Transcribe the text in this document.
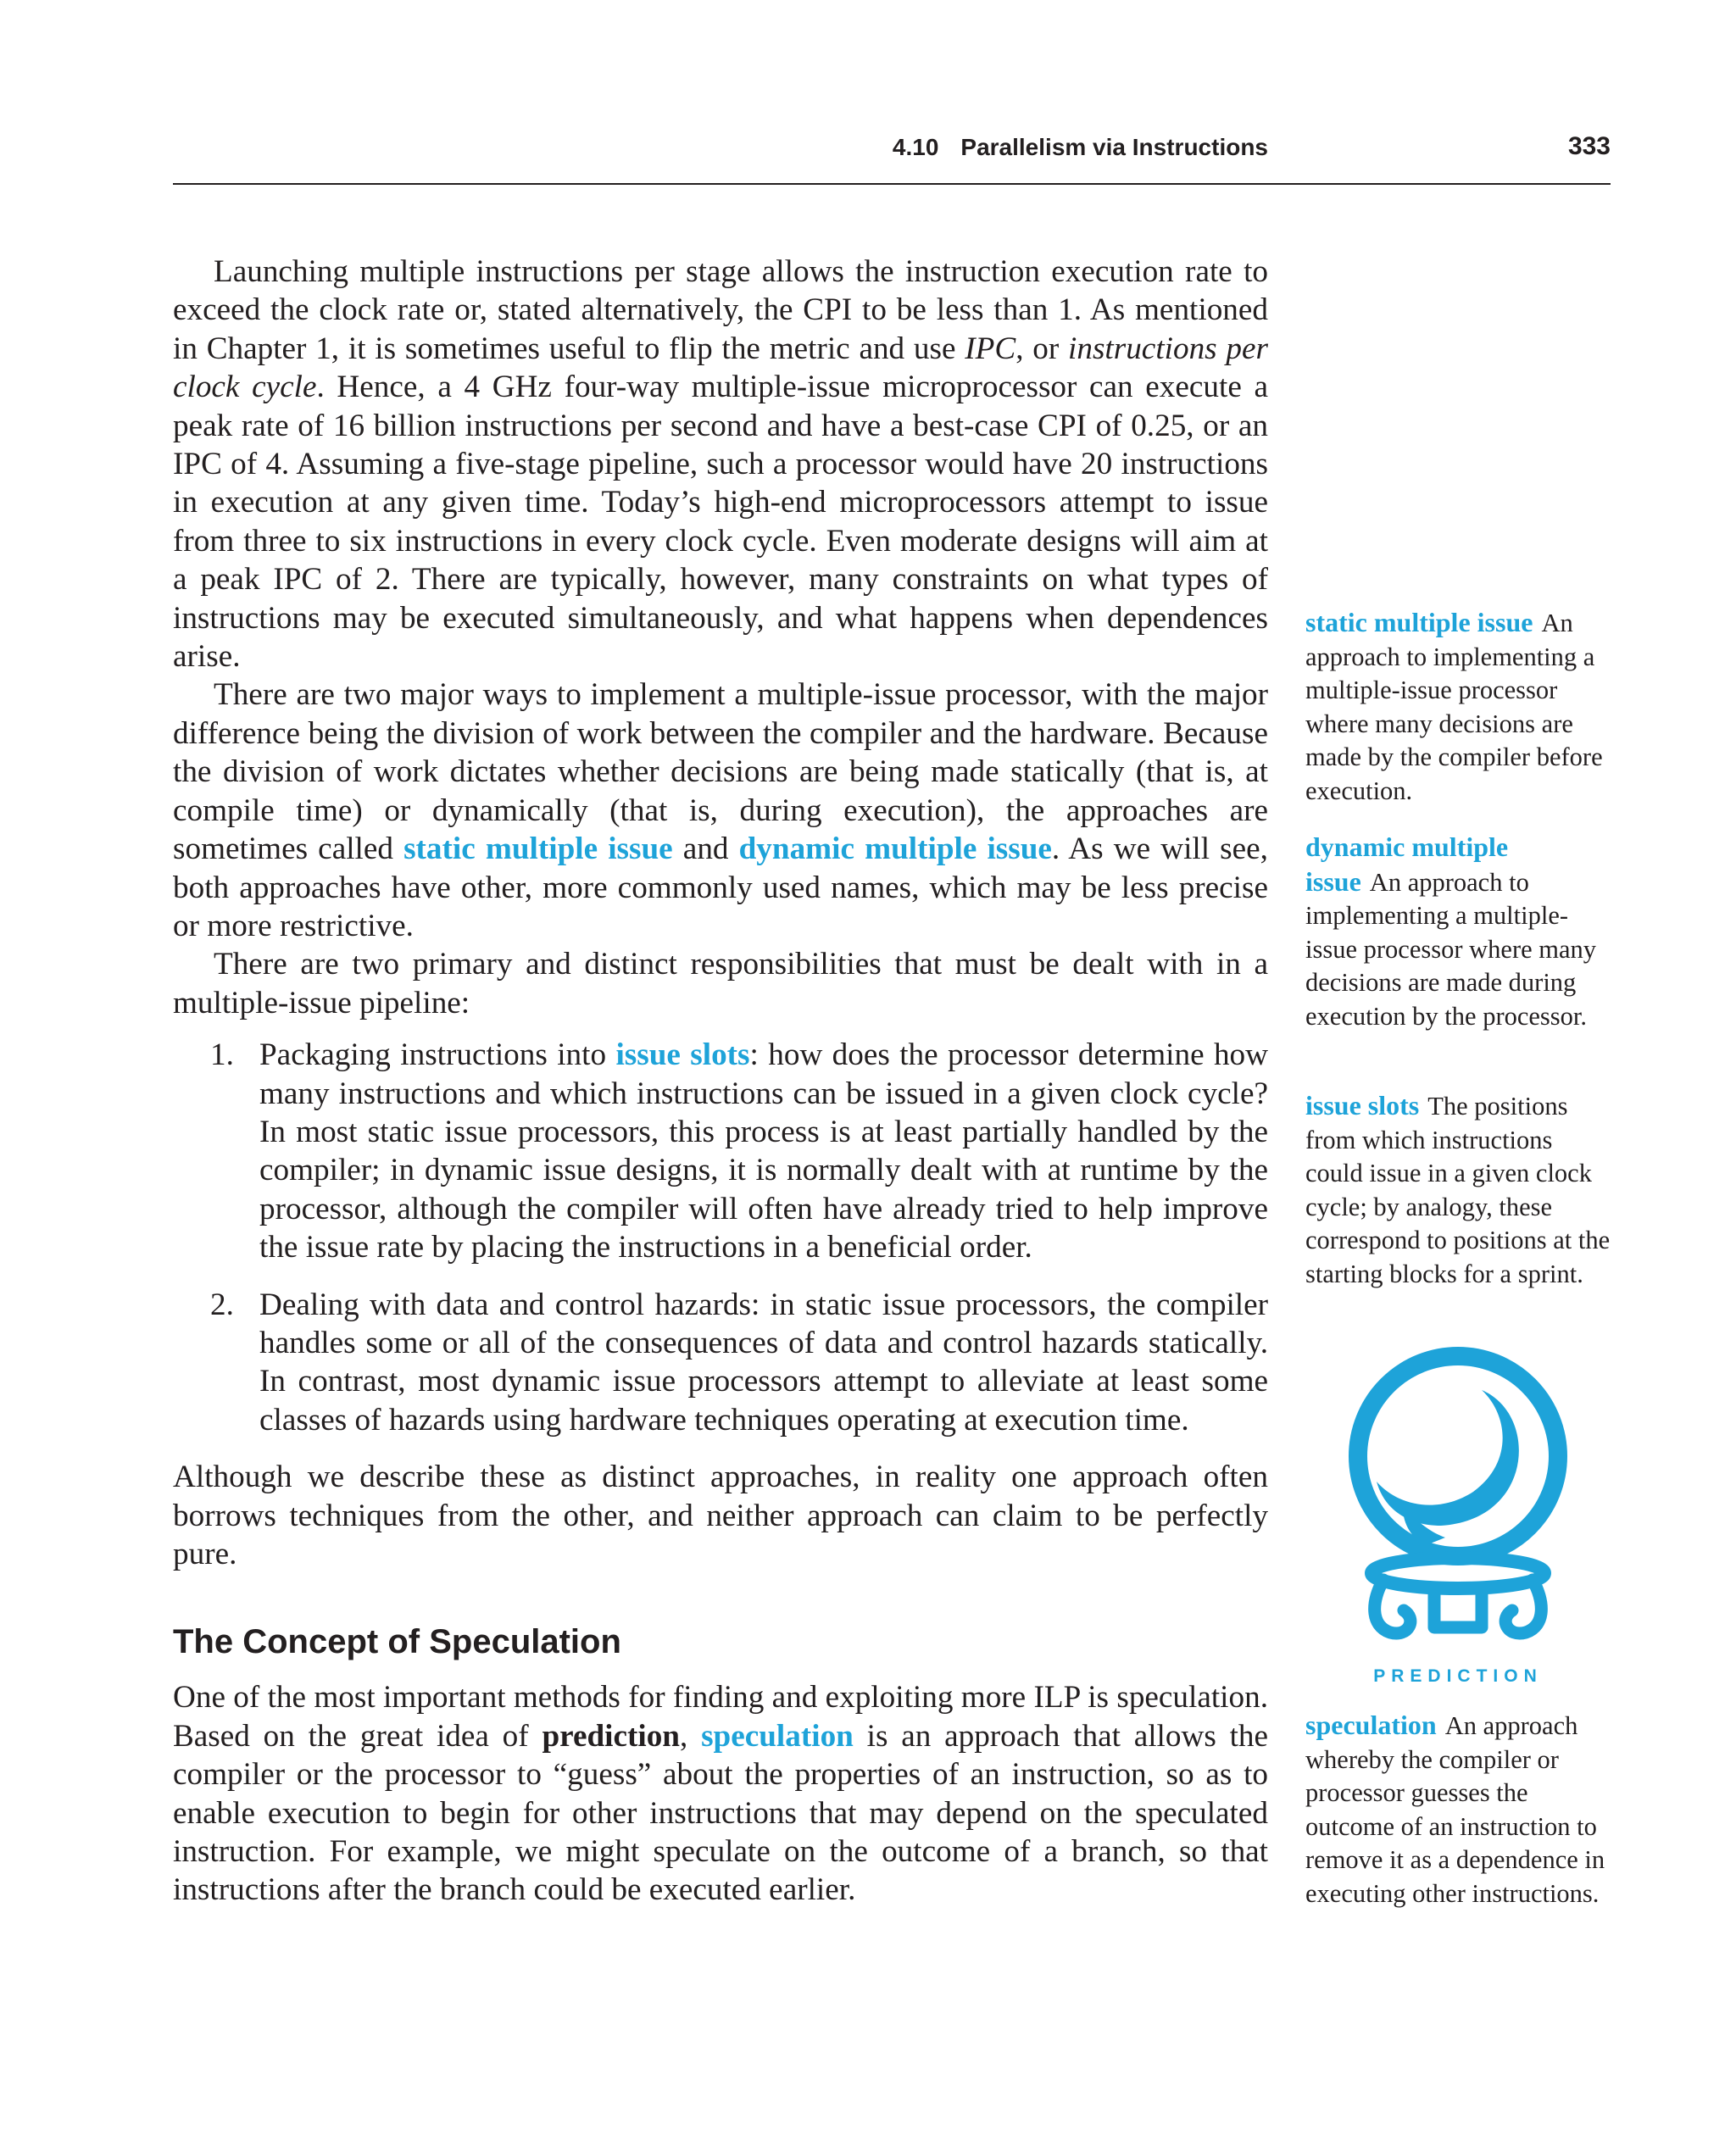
4.10 Parallelism via Instructions	333

Launching multiple instructions per stage allows the instruction execution rate to exceed the clock rate or, stated alternatively, the CPI to be less than 1. As mentioned in Chapter 1, it is sometimes useful to flip the metric and use IPC, or instructions per clock cycle. Hence, a 4 GHz four-way multiple-issue microprocessor can execute a peak rate of 16 billion instructions per second and have a best-case CPI of 0.25, or an IPC of 4. Assuming a five-stage pipeline, such a processor would have 20 instructions in execution at any given time. Today’s high-end microprocessors attempt to issue from three to six instructions in every clock cycle. Even moderate designs will aim at a peak IPC of 2. There are typically, however, many constraints on what types of instructions may be executed simultaneously, and what happens when dependences arise.

There are two major ways to implement a multiple-issue processor, with the major difference being the division of work between the compiler and the hardware. Because the division of work dictates whether decisions are being made statically (that is, at compile time) or dynamically (that is, during execution), the approaches are sometimes called static multiple issue and dynamic multiple issue. As we will see, both approaches have other, more commonly used names, which may be less precise or more restrictive.

There are two primary and distinct responsibilities that must be dealt with in a multiple-issue pipeline:

1. Packaging instructions into issue slots: how does the processor determine how many instructions and which instructions can be issued in a given clock cycle? In most static issue processors, this process is at least partially handled by the compiler; in dynamic issue designs, it is normally dealt with at runtime by the processor, although the compiler will often have already tried to help improve the issue rate by placing the instructions in a beneficial order.
2. Dealing with data and control hazards: in static issue processors, the compiler handles some or all of the consequences of data and control hazards statically. In contrast, most dynamic issue processors attempt to alleviate at least some classes of hazards using hardware techniques operating at execution time.

Although we describe these as distinct approaches, in reality one approach often borrows techniques from the other, and neither approach can claim to be perfectly pure.

The Concept of Speculation

One of the most important methods for finding and exploiting more ILP is speculation. Based on the great idea of prediction, speculation is an approach that allows the compiler or the processor to “guess” about the properties of an instruction, so as to enable execution to begin for other instructions that may depend on the speculated instruction. For example, we might speculate on the outcome of a branch, so that instructions after the branch could be executed earlier.

static multiple issue An approach to implementing a multiple-issue processor where many decisions are made by the compiler before execution.
dynamic multiple issue An approach to implementing a multiple-issue processor where many decisions are made during execution by the processor.
issue slots The positions from which instructions could issue in a given clock cycle; by analogy, these correspond to positions at the starting blocks for a sprint.
PREDICTION
speculation An approach whereby the compiler or processor guesses the outcome of an instruction to remove it as a dependence in executing other instructions.
